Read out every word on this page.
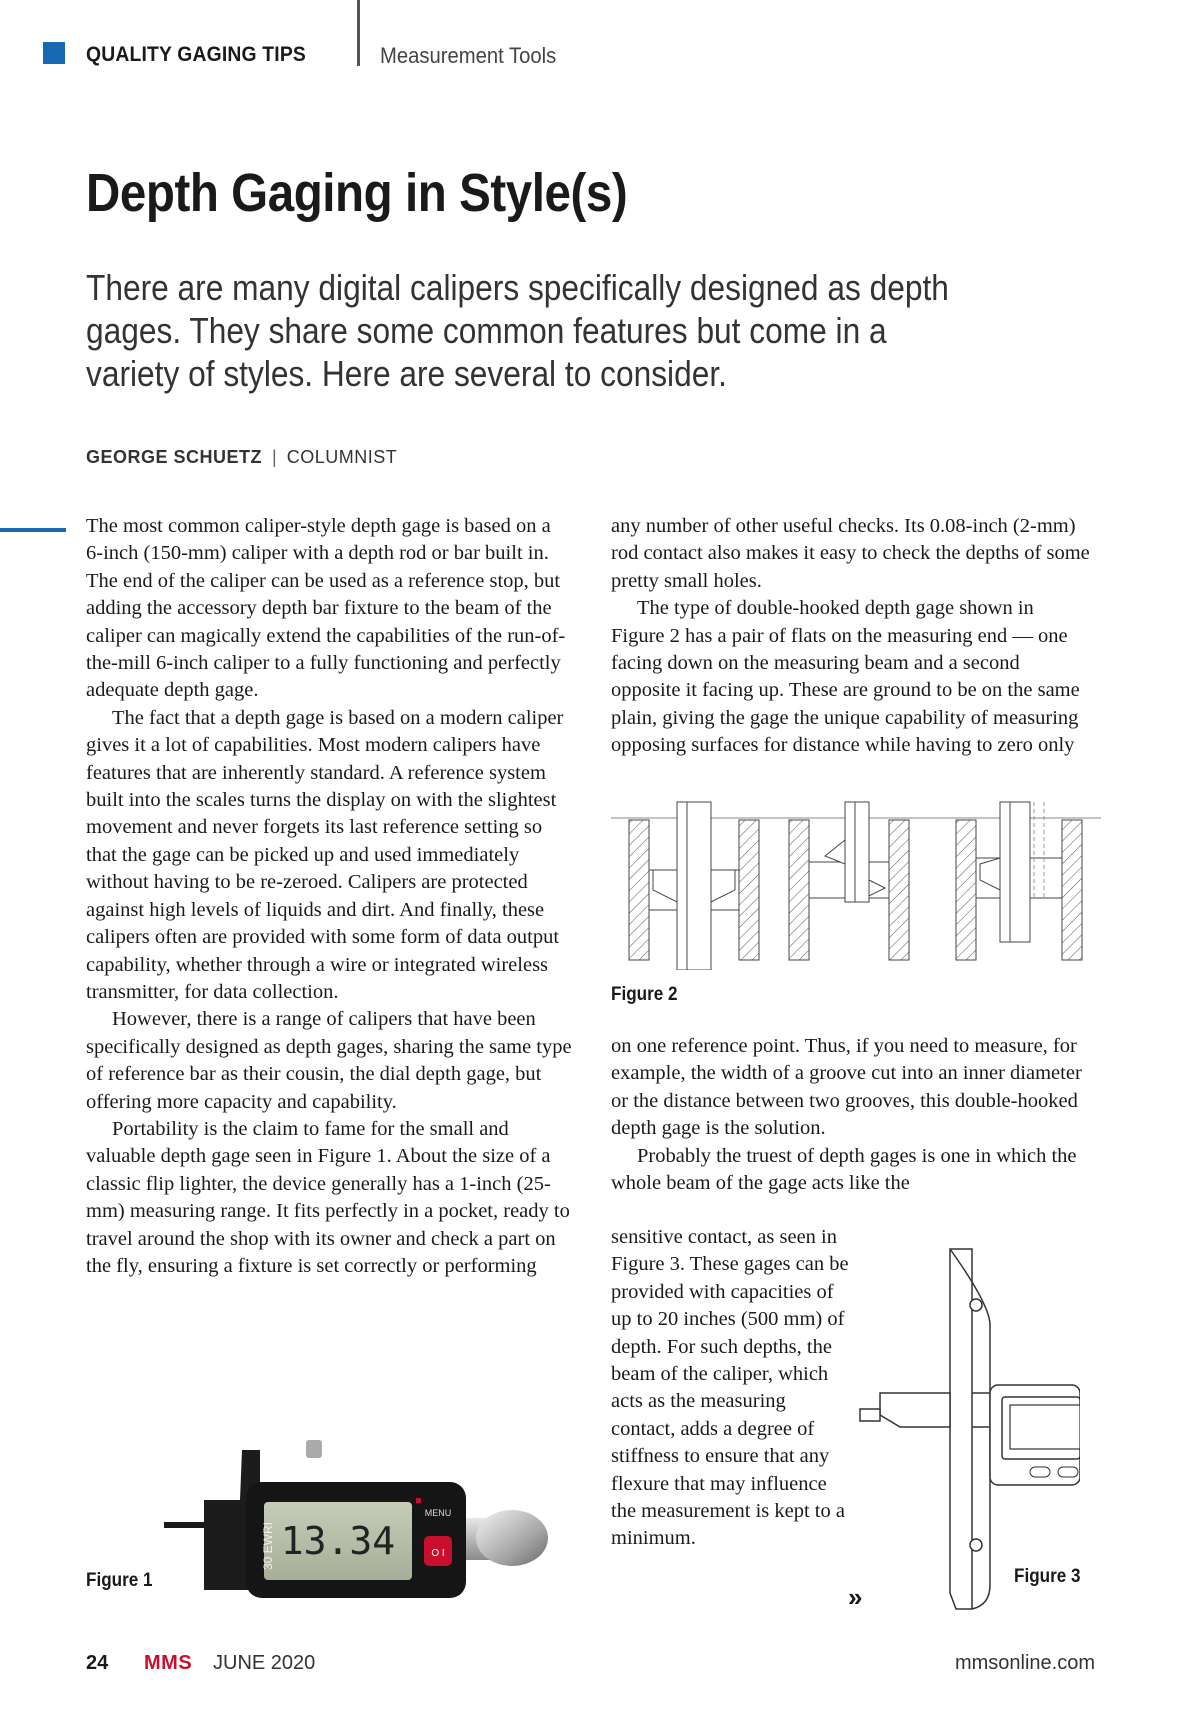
QUALITY GAGING TIPS	Measurement Tools
Depth Gaging in Style(s)

There are many digital calipers specifically designed as depth gages. They share some common features but come in a variety of styles. Here are several to consider.

GEORGE SCHUETZ | COLUMNIST

The most common caliper-style depth gage is based on a 6-inch (150-mm) caliper with a depth rod or bar built in. The end of the caliper can be used as a reference stop, but adding the accessory depth bar fixture to the beam of the caliper can magically extend the capabilities of the run-of-the-mill 6-inch caliper to a fully functioning and perfectly adequate depth gage.

The fact that a depth gage is based on a modern caliper gives it a lot of capabilities. Most modern calipers have features that are inherently standard. A reference system built into the scales turns the display on with the slightest movement and never forgets its last reference setting so that the gage can be picked up and used immediately without having to be re-zeroed. Calipers are protected against high levels of liquids and dirt. And finally, these calipers often are provided with some form of data output capability, whether through a wire or integrated wireless transmitter, for data collection.

However, there is a range of calipers that have been specifically designed as depth gages, sharing the same type of reference bar as their cousin, the dial depth gage, but offering more capacity and capability.

Portability is the claim to fame for the small and valuable depth gage seen in Figure 1. About the size of a classic flip lighter, the device generally has a 1-inch (25-mm) measuring range. It fits perfectly in a pocket, ready to travel around the shop with its owner and check a part on the fly, ensuring a fixture is set correctly or performing

any number of other useful checks. Its 0.08-inch (2-mm) rod contact also makes it easy to check the depths of some pretty small holes.

The type of double-hooked depth gage shown in Figure 2 has a pair of flats on the measuring end — one facing down on the measuring beam and a second opposite it facing up. These are ground to be on the same plain, giving the gage the unique capability of measuring opposing surfaces for distance while having to zero only

Figure 2

on one reference point. Thus, if you need to measure, for example, the width of a groove cut into an inner diameter or the distance between two grooves, this double-hooked depth gage is the solution.

Probably the truest of depth gages is one in which the whole beam of the gage acts like the

sensitive contact, as seen in Figure 3. These gages can be provided with capacities of up to 20 inches (500 mm) of depth. For such depths, the beam of the caliper, which acts as the measuring contact, adds a degree of stiffness to ensure that any flexure that may influence the measurement is kept to a minimum.

Figure 3
»
13.34
30 EWRI
MENU
O I
Figure 1
24 MMS JUNE 2020	mmsonline.com
